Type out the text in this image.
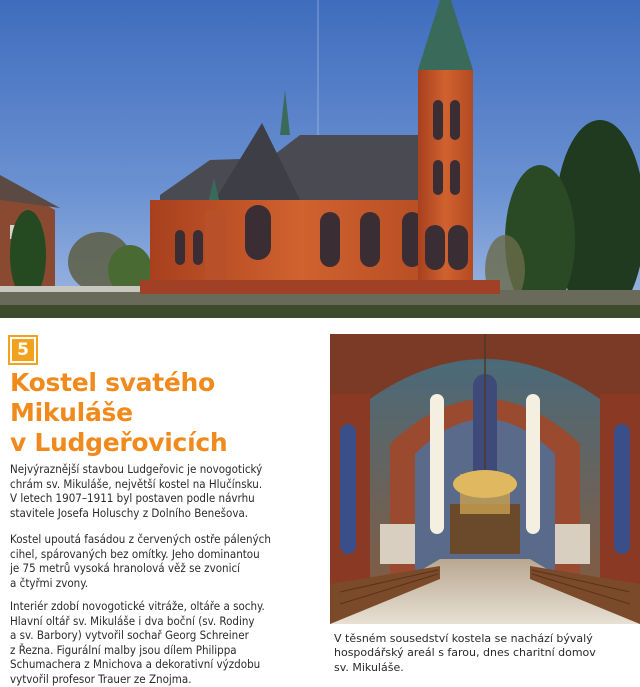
5
Kostel svatého
Mikuláše
v Ludgeřovicích
Nejvýraznější stavbou Ludgeřovic je novogotický
chrám sv. Mikuláše, největší kostel na Hlučínsku.
V letech 1907–1911 byl postaven podle návrhu
stavitele Josefa Holuschy z Dolního Benešova.
Kostel upoutá fasádou z červených ostře pálených
cihel, spárovaných bez omítky. Jeho dominantou
je 75 metrů vysoká hranolová věž se zvonicí
a čtyřmi zvony.
Interiér zdobí novogotické vitráže, oltáře a sochy.
Hlavní oltář sv. Mikuláše i dva boční (sv. Rodiny
a sv. Barbory) vytvořil sochař Georg Schreiner
z Řezna. Figurální malby jsou dílem Philippa
Schumachera z Mnichova a dekorativní výzdobu
vytvořil profesor Trauer ze Znojma.
V těsném sousedství kostela se nachází bývalý
hospodářský areál s farou, dnes charitní domov
sv. Mikuláše.
